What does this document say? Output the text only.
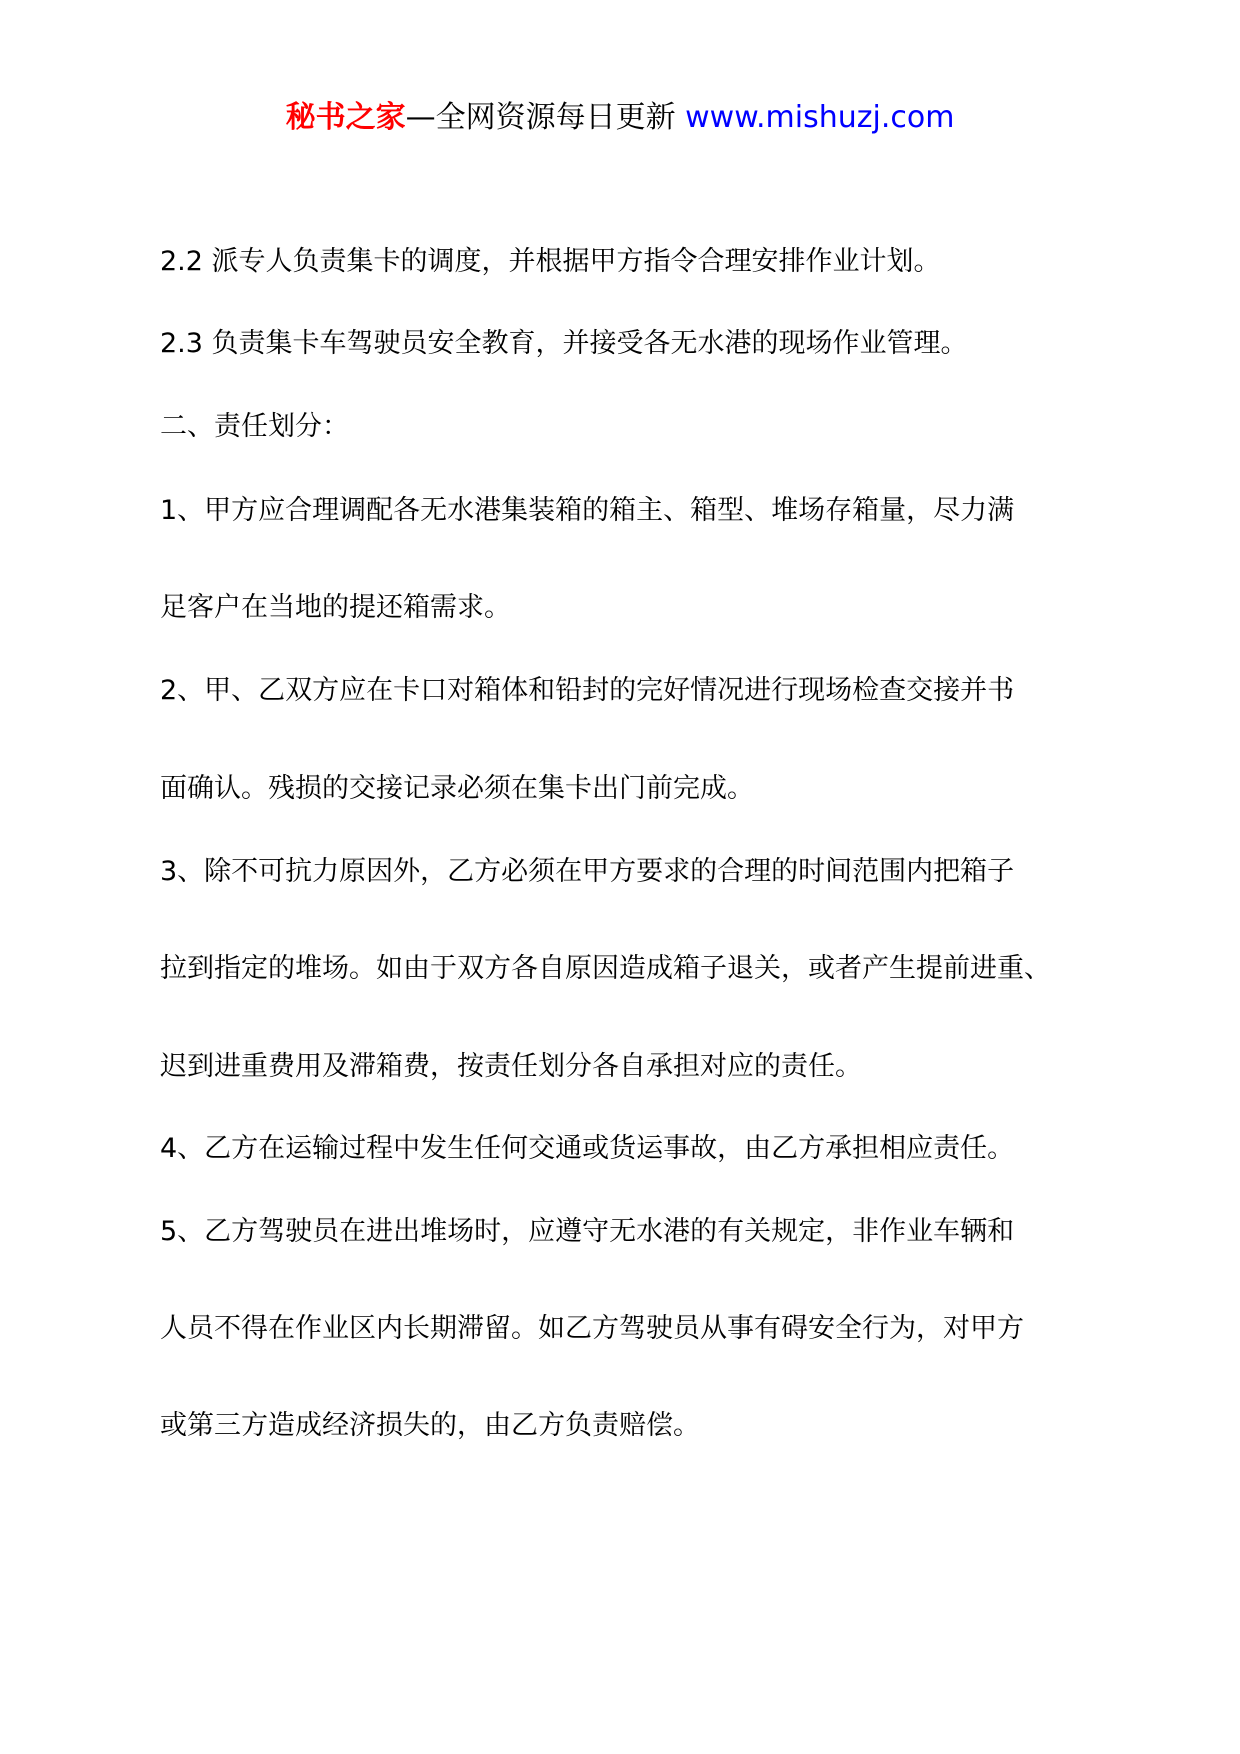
秘书之家—全网资源每日更新 www.mishuzj.com
2.2 派专人负责集卡的调度，并根据甲方指令合理安排作业计划。
2.3 负责集卡车驾驶员安全教育，并接受各无水港的现场作业管理。
二、责任划分：
1、甲方应合理调配各无水港集装箱的箱主、箱型、堆场存箱量，尽力满
足客户在当地的提还箱需求。
2、甲、乙双方应在卡口对箱体和铅封的完好情况进行现场检查交接并书
面确认。残损的交接记录必须在集卡出门前完成。
3、除不可抗力原因外，乙方必须在甲方要求的合理的时间范围内把箱子
拉到指定的堆场。如由于双方各自原因造成箱子退关，或者产生提前进重、
迟到进重费用及滞箱费，按责任划分各自承担对应的责任。
4、乙方在运输过程中发生任何交通或货运事故，由乙方承担相应责任。
5、乙方驾驶员在进出堆场时，应遵守无水港的有关规定，非作业车辆和
人员不得在作业区内长期滞留。如乙方驾驶员从事有碍安全行为，对甲方
或第三方造成经济损失的，由乙方负责赔偿。
